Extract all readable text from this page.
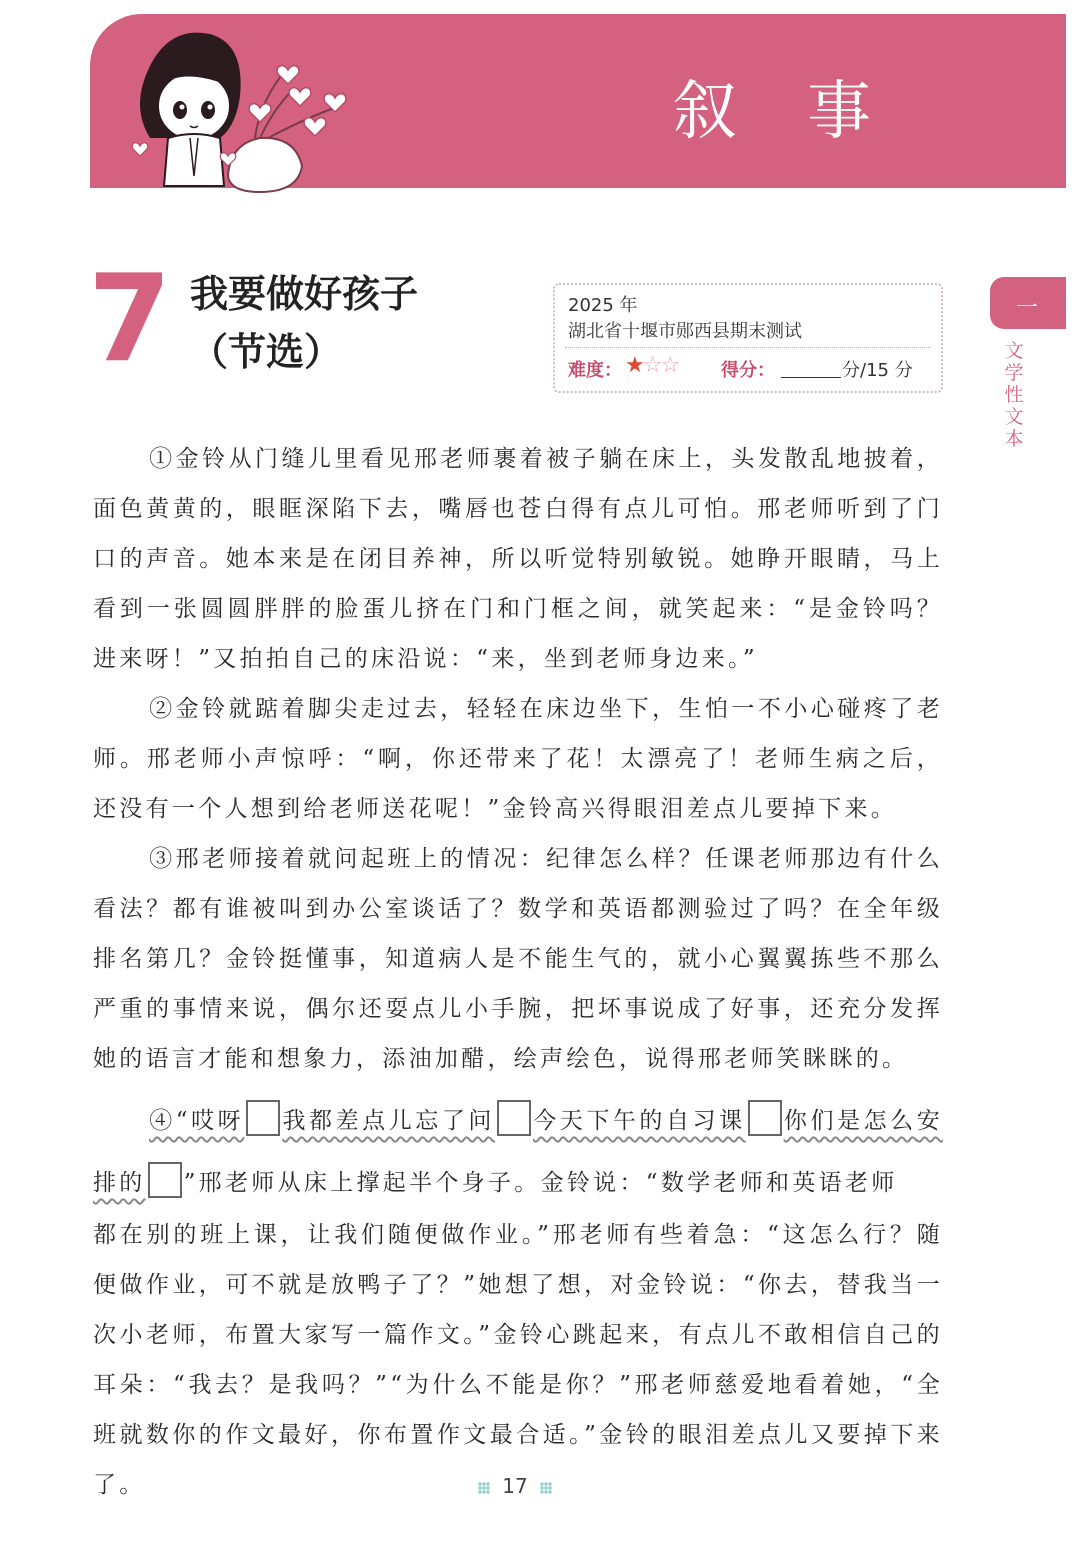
叙事
一
文学性文本
7 我要做好孩子
（节选）
2025 年
湖北省十堰市郧西县期末测试
难度： ★☆☆ 得分：	分/15 分
①金铃从门缝儿里看见邢老师裹着被子躺在床上，头发散乱地披着，面色黄黄的，眼眶深陷下去，嘴唇也苍白得有点儿可怕。邢老师听到了门口的声音。她本来是在闭目养神，所以听觉特别敏锐。她睁开眼睛，马上看到一张圆圆胖胖的脸蛋儿挤在门和门框之间，就笑起来：“是金铃吗？进来呀！”又拍拍自己的床沿说：“来，坐到老师身边来。”
②金铃就踮着脚尖走过去，轻轻在床边坐下，生怕一不小心碰疼了老师。邢老师小声惊呼：“啊，你还带来了花！太漂亮了！老师生病之后，还没有一个人想到给老师送花呢！”金铃高兴得眼泪差点儿要掉下来。
③邢老师接着就问起班上的情况：纪律怎么样？任课老师那边有什么看法？都有谁被叫到办公室谈话了？数学和英语都测验过了吗？在全年级排名第几？金铃挺懂事，知道病人是不能生气的，就小心翼翼拣些不那么严重的事情来说，偶尔还耍点儿小手腕，把坏事说成了好事，还充分发挥她的语言才能和想象力，添油加醋，绘声绘色，说得邢老师笑眯眯的。
④“哎呀 我都差点儿忘了问 今天下午的自习课 你们是怎么安排的 ”邢老师从床上撑起半个身子。金铃说：“数学老师和英语老师
都在别的班上课，让我们随便做作业。”邢老师有些着急：“这怎么行？随便做作业，可不就是放鸭子了？”她想了想，对金铃说：“你去，替我当一次小老师，布置大家写一篇作文。”金铃心跳起来，有点儿不敢相信自己的耳朵：“我去？是我吗？”“为什么不能是你？”邢老师慈爱地看着她，“全班就数你的作文最好，你布置作文最合适。”金铃的眼泪差点儿又要掉下来了。	17
